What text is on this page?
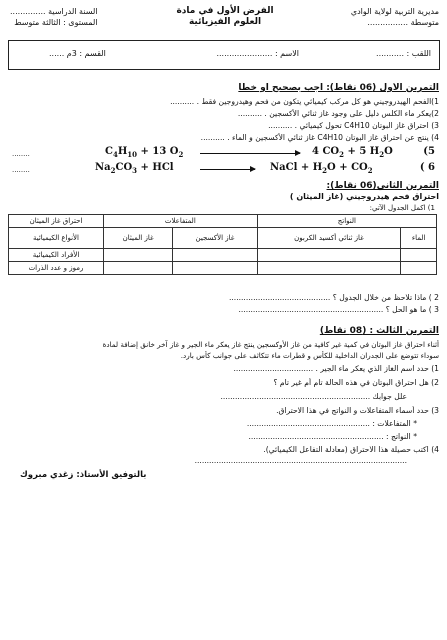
مديرية التربية لولاية الوادي
متوسطة ................
الفرض الأول في مادة
العلوم الفيزيائية
السنة الدراسية ..............
المستوى : الثالثة متوسط
اللقب : ...........
الاسم : ......................
القسم : 3م ......
التمرين الأول (06 نقاط): أجب بصحيح أو خطأ
1)الفحم الهيدروجيني هو كل مركب كيميائي يتكون من فحم وهيدروجين فقط . ..........
2)يعكر ماء الكلس دليل على وجود غاز ثنائي الأكسجين . ..........
3) احتراق غاز البوتان C4H10 تحول كيميائي . ..........
4) ينتج عن احتراق غاز البوتان C4H10 غاز ثنائي الأكسجين و الماء . ..........
(5
$C_4H_{10} + 13$ $O_2$	4 $CO_2 + 5$ $H_2O$
........
( 6
$Na_2CO_3$ + HCl	NaCl + $H_2O + CO_2$
........
التمرين الثاني(06 نقاط):
احتراق فحم هيدروجيني (غاز الميثان )
1) اكمل الجدول الآتي:
احتراق غاز الميثان	المتفاعلات		النواتج	
الأنواع الكيميائية	غاز الميثان	غاز الأكسجين	غاز ثنائي أكسيد الكربون	الماء
الأفراد الكيميائية				
رموز و عدد الذرات				
2 ) ماذا تلاحظ من خلال الجدول ؟ ..........................................
3 ) ما هو الحل ؟ ............................................................
التمرين الثالث : (08 نقاط)
أثناء احتراق غاز البوتان في كمية غير كافية من غاز الأوكسجين ينتج غاز يعكر ماء الجير و غاز آخر خانق إضافة لمادة
سوداء تتوضع على الجدران الداخلية للكأس و قطرات ماء تتكاثف على جوانب كأس بارد.
1) حدد اسم الغاز الذي يعكر ماء الجير . .................................
2) هل احتراق البوتان في هذه الحالة تام أم غير تام ؟
علل جوابك ..............................................................
3) حدد أسماء المتفاعلات و النواتج في هذا الاحتراق.
* المتفاعلات : ...................................................
* النواتج : ........................................................
4) اكتب حصيلة هذا الاحتراق (معادلة التفاعل الكيميائي).
........................................................................................
بالتوفيق الأستاذ: زغدي مبروك
